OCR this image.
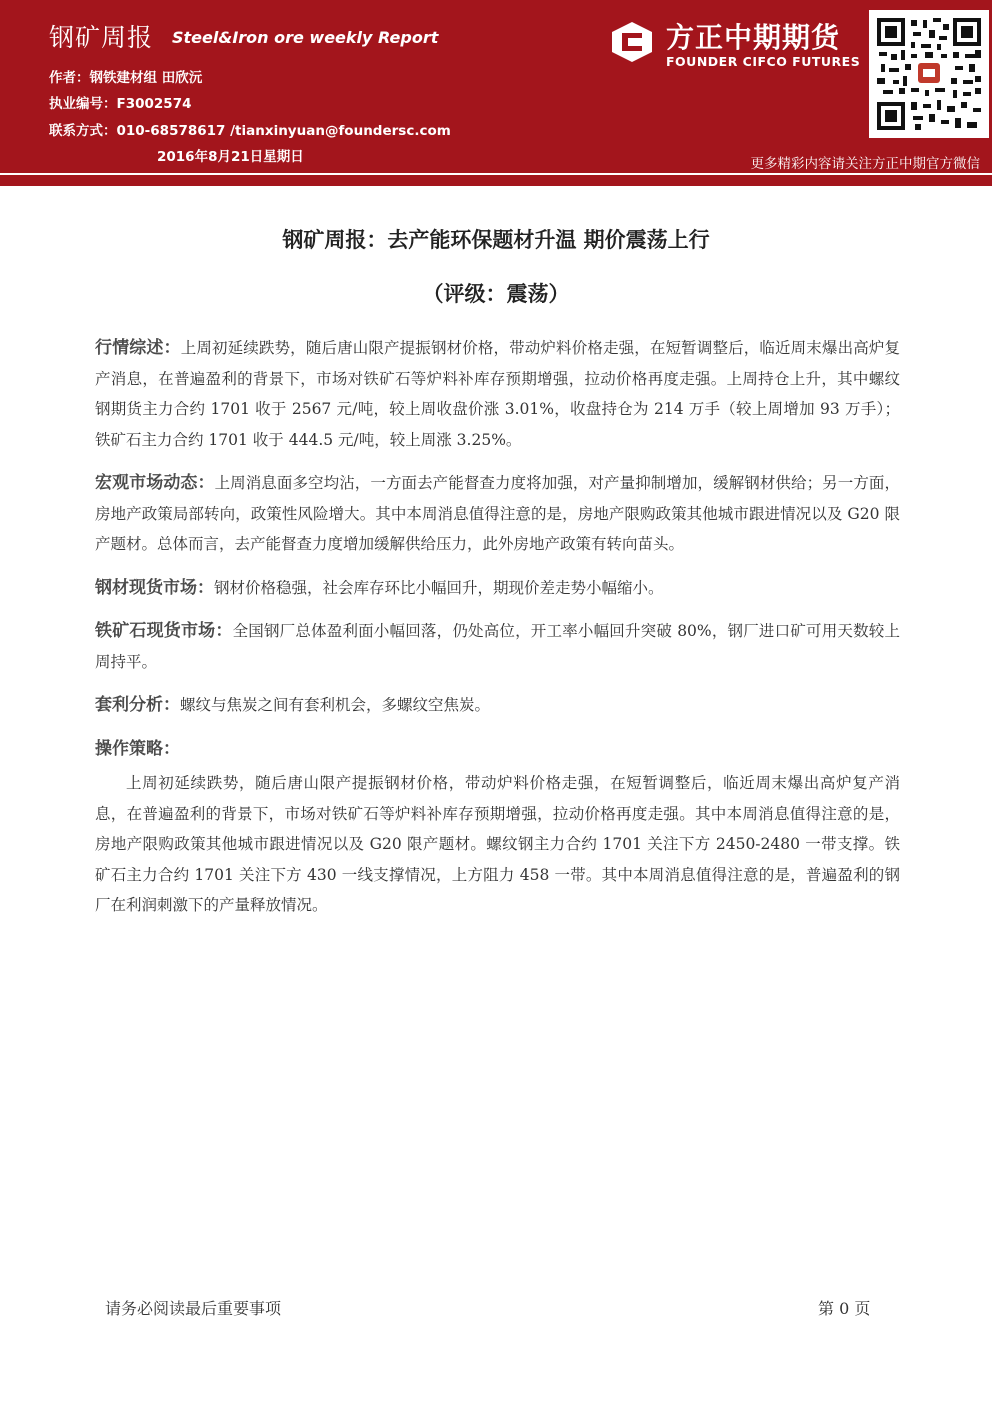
钢矿周报 Steel&Iron ore weekly Report
作者：钢铁建材组 田欣沅
执业编号：F3002574
联系方式：010-68578617 /tianxinyuan@foundersc.com
2016年8月21日星期日
方正中期期货
FOUNDER CIFCO FUTURES
更多精彩内容请关注方正中期官方微信
钢矿周报：去产能环保题材升温 期价震荡上行
（评级：震荡）

行情综述：上周初延续跌势，随后唐山限产提振钢材价格，带动炉料价格走强，在短暂调整后，临近周末爆出高炉复产消息，在普遍盈利的背景下，市场对铁矿石等炉料补库存预期增强，拉动价格再度走强。上周持仓上升，其中螺纹钢期货主力合约 1701 收于 2567 元/吨，较上周收盘价涨 3.01%，收盘持仓为 214 万手（较上周增加 93 万手）；铁矿石主力合约 1701 收于 444.5 元/吨，较上周涨 3.25%。

宏观市场动态：上周消息面多空均沾，一方面去产能督查力度将加强，对产量抑制增加，缓解钢材供给；另一方面，房地产政策局部转向，政策性风险增大。其中本周消息值得注意的是，房地产限购政策其他城市跟进情况以及 G20 限产题材。总体而言，去产能督查力度增加缓解供给压力，此外房地产政策有转向苗头。

钢材现货市场：钢材价格稳强，社会库存环比小幅回升，期现价差走势小幅缩小。

铁矿石现货市场：全国钢厂总体盈利面小幅回落，仍处高位，开工率小幅回升突破 80%，钢厂进口矿可用天数较上周持平。

套利分析：螺纹与焦炭之间有套利机会，多螺纹空焦炭。

操作策略：

上周初延续跌势，随后唐山限产提振钢材价格，带动炉料价格走强，在短暂调整后，临近周末爆出高炉复产消息，在普遍盈利的背景下，市场对铁矿石等炉料补库存预期增强，拉动价格再度走强。其中本周消息值得注意的是，房地产限购政策其他城市跟进情况以及 G20 限产题材。螺纹钢主力合约 1701 关注下方 2450-2480 一带支撑。铁矿石主力合约 1701 关注下方 430 一线支撑情况，上方阻力 458 一带。其中本周消息值得注意的是，普遍盈利的钢厂在利润刺激下的产量释放情况。

请务必阅读最后重要事项	第 0 页
